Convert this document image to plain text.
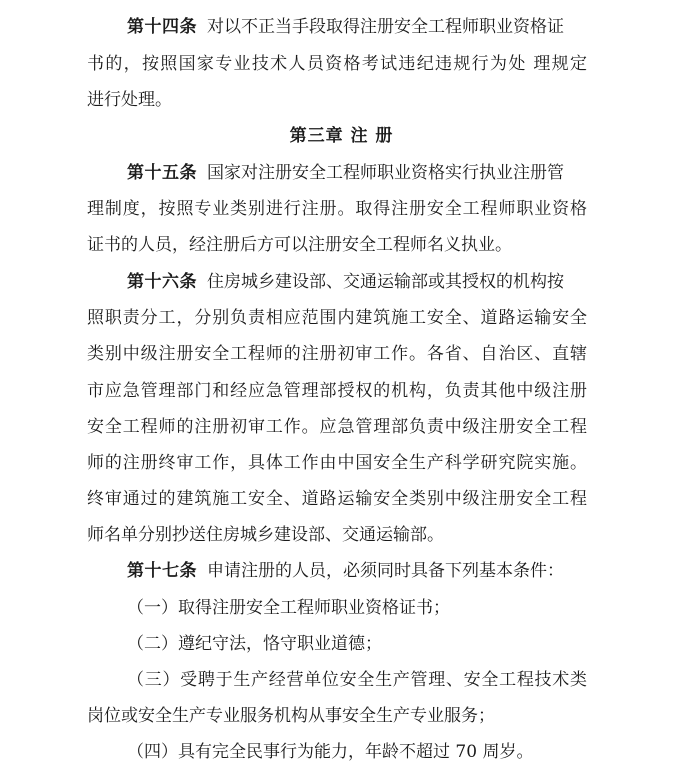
第十四条 对以不正当手段取得注册安全工程师职业资格证
书的，按照国家专业技术人员资格考试违纪违规行为处 理规定
进行处理。
第三章 注 册
第十五条 国家对注册安全工程师职业资格实行执业注册管
理制度，按照专业类别进行注册。取得注册安全工程师职业资格
证书的人员，经注册后方可以注册安全工程师名义执业。
第十六条 住房城乡建设部、交通运输部或其授权的机构按
照职责分工，分别负责相应范围内建筑施工安全、道路运输安全
类别中级注册安全工程师的注册初审工作。各省、自治区、直辖
市应急管理部门和经应急管理部授权的机构，负责其他中级注册
安全工程师的注册初审工作。应急管理部负责中级注册安全工程
师的注册终审工作，具体工作由中国安全生产科学研究院实施。
终审通过的建筑施工安全、道路运输安全类别中级注册安全工程
师名单分别抄送住房城乡建设部、交通运输部。
第十七条 申请注册的人员，必须同时具备下列基本条件：
（一）取得注册安全工程师职业资格证书；
（二）遵纪守法，恪守职业道德；
（三）受聘于生产经营单位安全生产管理、安全工程技术类
岗位或安全生产专业服务机构从事安全生产专业服务；
（四）具有完全民事行为能力，年龄不超过 70 周岁。
